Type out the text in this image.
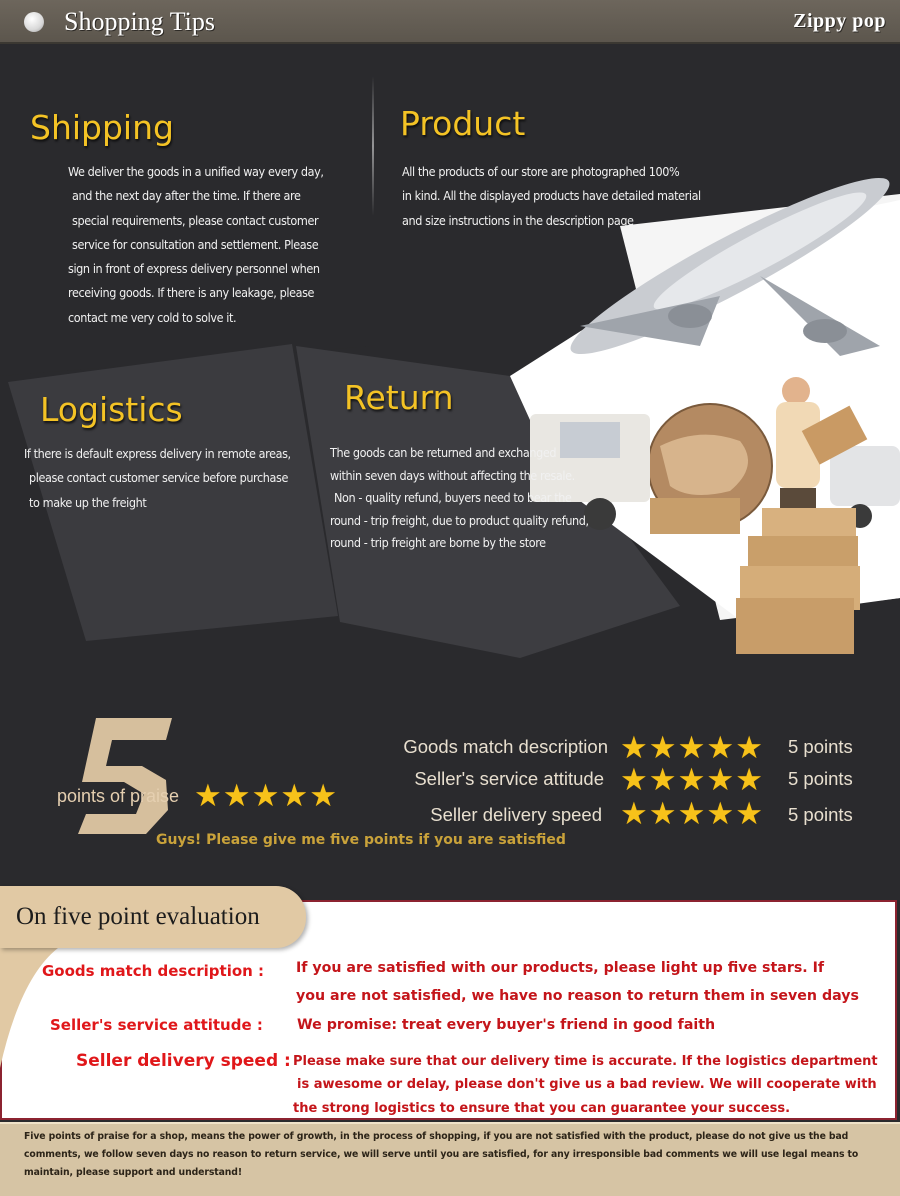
Shopping Tips	Zippy pop
Shipping
We deliver the goods in a unified way every day,
and the next day after the time. If there are
special requirements, please contact customer
service for consultation and settlement. Please
sign in front of express delivery personnel when
receiving goods. If there is any leakage, please
contact me very cold to solve it.
Product
All the products of our store are photographed 100%
in kind. All the displayed products have detailed material
and size instructions in the description page
Logistics
If there is default express delivery in remote areas,
please contact customer service before purchase
to make up the freight
Return
The goods can be returned and exchanged
within seven days without affecting the resale.
Non - quality refund, buyers need to bear the
round - trip freight, due to product quality refund,
round - trip freight are borne by the store
points of praise ★ ★ ★ ★ ★
Goods match description ★ ★ ★ ★ ★ 5 points
Seller's service attitude ★ ★ ★ ★ ★ 5 points
Seller delivery speed ★ ★ ★ ★ ★ 5 points
Guys! Please give me five points if you are satisfied
On five point evaluation
Goods match description : If you are satisfied with our products, please light up five stars. If
you are not satisfied, we have no reason to return them in seven days
Seller's service attitude : We promise: treat every buyer's friend in good faith
Seller delivery speed : Please make sure that our delivery time is accurate. If the logistics department
is awesome or delay, please don't give us a bad review. We will cooperate with
the strong logistics to ensure that you can guarantee your success.

Five points of praise for a shop, means the power of growth, in the process of shopping, if you are not satisfied with the product, please do not give us the bad

comments, we follow seven days no reason to return service, we will serve until you are satisfied, for any irresponsible bad comments we will use legal means to

maintain, please support and understand!
